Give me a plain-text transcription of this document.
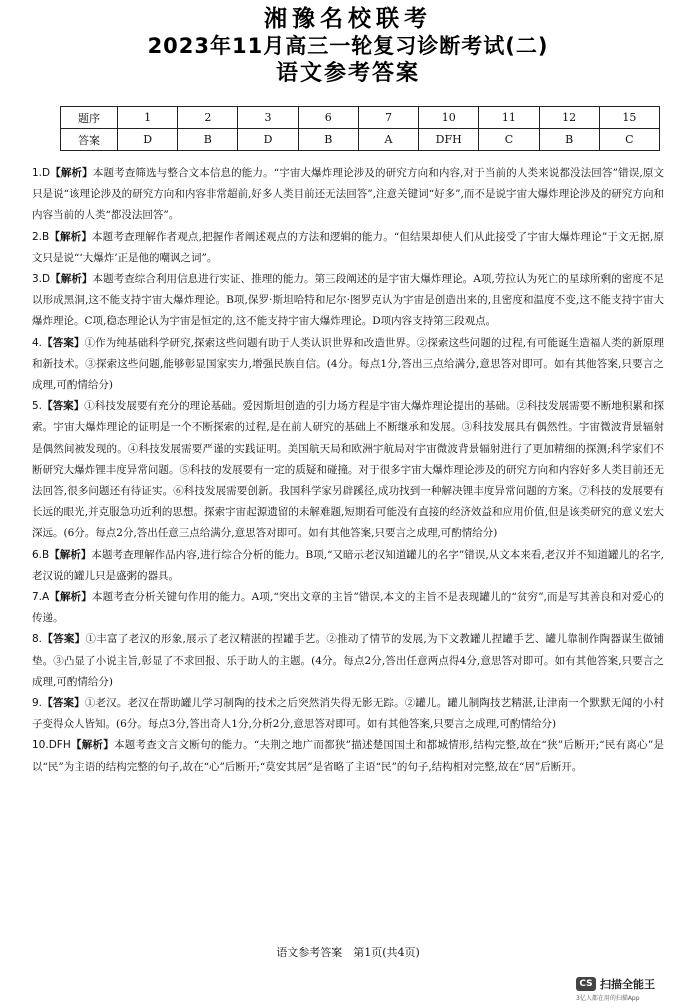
湘豫名校联考
2023年11月高三一轮复习诊断考试(二)
语文参考答案
题序	1	2	3	6	7	10	11	12	15
答案	D	B	D	B	A	DFH	C	B	C
1.D【解析】本题考查筛选与整合文本信息的能力。“宇宙大爆炸理论涉及的研究方向和内容,对于当前的人类来说都没法回答”错误,原文只是说“该理论涉及的研究方向和内容非常超前,好多人类目前还无法回答”,注意关键词“好多”,而不是说宇宙大爆炸理论涉及的研究方向和内容当前的人类“都没法回答”。
2.B【解析】本题考查理解作者观点,把握作者阐述观点的方法和逻辑的能力。“但结果却使人们从此接受了宇宙大爆炸理论”于文无据,原文只是说“‘大爆炸’正是他的嘲讽之词”。
3.D【解析】本题考查综合利用信息进行实证、推理的能力。第三段阐述的是宇宙大爆炸理论。A项,劳拉认为死亡的星球所剩的密度不足以形成黑洞,这不能支持宇宙大爆炸理论。B项,保罗·斯坦哈特和尼尔·图罗克认为宇宙是创造出来的,且密度和温度不变,这不能支持宇宙大爆炸理论。C项,稳态理论认为宇宙是恒定的,这不能支持宇宙大爆炸理论。D项内容支持第三段观点。
4.【答案】①作为纯基础科学研究,探索这些问题有助于人类认识世界和改造世界。②探索这些问题的过程,有可能诞生造福人类的新原理和新技术。③探索这些问题,能够彰显国家实力,增强民族自信。(4分。每点1分,答出三点给满分,意思答对即可。如有其他答案,只要言之成理,可酌情给分)
5.【答案】①科技发展要有充分的理论基础。爱因斯坦创造的引力场方程是宇宙大爆炸理论提出的基础。②科技发展需要不断地积累和探索。宇宙大爆炸理论的证明是一个不断探索的过程,是在前人研究的基础上不断继承和发展。③科技发展具有偶然性。宇宙微波背景辐射是偶然间被发现的。④科技发展需要严谨的实践证明。美国航天局和欧洲宇航局对宇宙微波背景辐射进行了更加精细的探测;科学家们不断研究大爆炸锂丰度异常问题。⑤科技的发展要有一定的质疑和碰撞。对于很多宇宙大爆炸理论涉及的研究方向和内容好多人类目前还无法回答,很多问题还有待证实。⑥科技发展需要创新。我国科学家另辟蹊径,成功找到一种解决锂丰度异常问题的方案。⑦科技的发展要有长远的眼光,并克服急功近利的思想。探索宇宙起源遗留的未解难题,短期看可能没有直接的经济效益和应用价值,但是该类研究的意义宏大深远。(6分。每点2分,答出任意三点给满分,意思答对即可。如有其他答案,只要言之成理,可酌情给分)
6.B【解析】本题考查理解作品内容,进行综合分析的能力。B项,“又暗示老汉知道罐儿的名字”错误,从文本来看,老汉并不知道罐儿的名字,老汉说的罐儿只是盛粥的器具。
7.A【解析】本题考查分析关键句作用的能力。A项,“突出文章的主旨”错误,本文的主旨不是表现罐儿的“贫穷”,而是写其善良和对爱心的传递。
8.【答案】①丰富了老汉的形象,展示了老汉精湛的捏罐手艺。②推动了情节的发展,为下文教罐儿捏罐手艺、罐儿靠制作陶器谋生做铺垫。③凸显了小说主旨,彰显了不求回报、乐于助人的主题。(4分。每点2分,答出任意两点得4分,意思答对即可。如有其他答案,只要言之成理,可酌情给分)
9.【答案】①老汉。老汉在帮助罐儿学习制陶的技术之后突然消失得无影无踪。②罐儿。罐儿制陶技艺精湛,让津南一个默默无闻的小村子变得众人皆知。(6分。每点3分,答出奇人1分,分析2分,意思答对即可。如有其他答案,只要言之成理,可酌情给分)
10.DFH【解析】本题考查文言文断句的能力。“夫荆之地广而都狭”描述楚国国土和都城情形,结构完整,故在“狭”后断开;“民有离心”是以“民”为主语的结构完整的句子,故在“心”后断开;“莫安其居”是省略了主语“民”的句子,结构相对完整,故在“居”后断开。
语文参考答案　第1页(共4页)
CS 扫描全能王
3亿人都在用的扫描App
